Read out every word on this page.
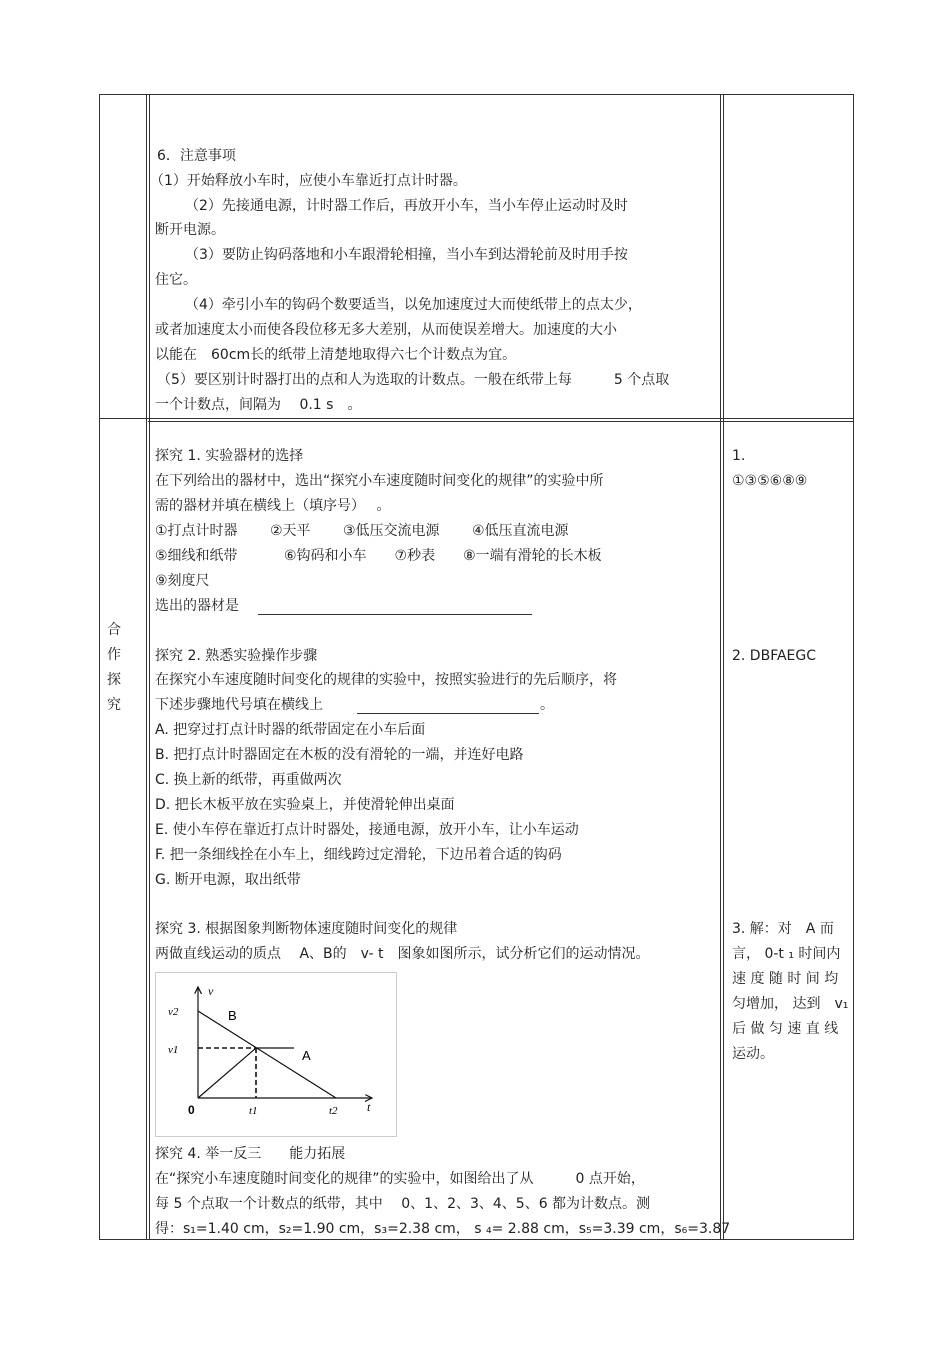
6．注意事项
（1）开始释放小车时，应使小车靠近打点计时器。
（2）先接通电源，计时器工作后，再放开小车，当小车停止运动时及时
断开电源。
（3）要防止钩码落地和小车跟滑轮相撞，当小车到达滑轮前及时用手按
住它。
（4）牵引小车的钩码个数要适当，以免加速度过大而使纸带上的点太少，
或者加速度太小而使各段位移无多大差别，从而使误差增大。加速度的大小
以能在　60cm长的纸带上清楚地取得六七个计数点为宜。
（5）要区别计时器打出的点和人为选取的计数点。一般在纸带上每　　　5 个点取
一个计数点，间隔为　 0.1 s　。
合
作
探
究
探究 1. 实验器材的选择
在下列给出的器材中，选出“探究小车速度随时间变化的规律”的实验中所
需的器材并填在横线上（填序号）　 。
①打点计时器　　 ②天平　　 ③低压交流电源　　 ④低压直流电源
⑤细线和纸带　　　 ⑥钩码和小车　　⑦秒表　　⑧一端有滑轮的长木板
⑨刻度尺
选出的器材是
探究 2. 熟悉实验操作步骤
在探究小车速度随时间变化的规律的实验中，按照实验进行的先后顺序，将
下述步骤地代号填在横线上	。
A. 把穿过打点计时器的纸带固定在小车后面
B. 把打点计时器固定在木板的没有滑轮的一端，并连好电路
C. 换上新的纸带，再重做两次
D. 把长木板平放在实验桌上，并使滑轮伸出桌面
E. 使小车停在靠近打点计时器处，接通电源，放开小车，让小车运动
F. 把一条细线拴在小车上，细线跨过定滑轮，下边吊着合适的钩码
G. 断开电源，取出纸带
探究 3. 根据图象判断物体速度随时间变化的规律
两做直线运动的质点　 A、B的　v- t　图象如图所示，试分析它们的运动情况。
v
t
0
v2
v1
t1	t2
B
A
探究 4. 举一反三　　能力拓展
在“探究小车速度随时间变化的规律”的实验中，如图给出了从　　　0 点开始，
每 5 个点取一个计数点的纸带，其中　 0、1、2、3、4、5、6 都为计数点。测
得：s₁=1.40 cm，s₂=1.90 cm，s₃=2.38 cm， s ₄= 2.88 cm，s₅=3.39 cm，s₆=3.87
1.
①③⑤⑥⑧⑨
2. DBFAEGC
3. 解：对　A 而
言， 0-t ₁ 时间内
速 度 随 时 间 均
匀增加， 达到　v₁
后 做 匀 速 直 线
运动。
